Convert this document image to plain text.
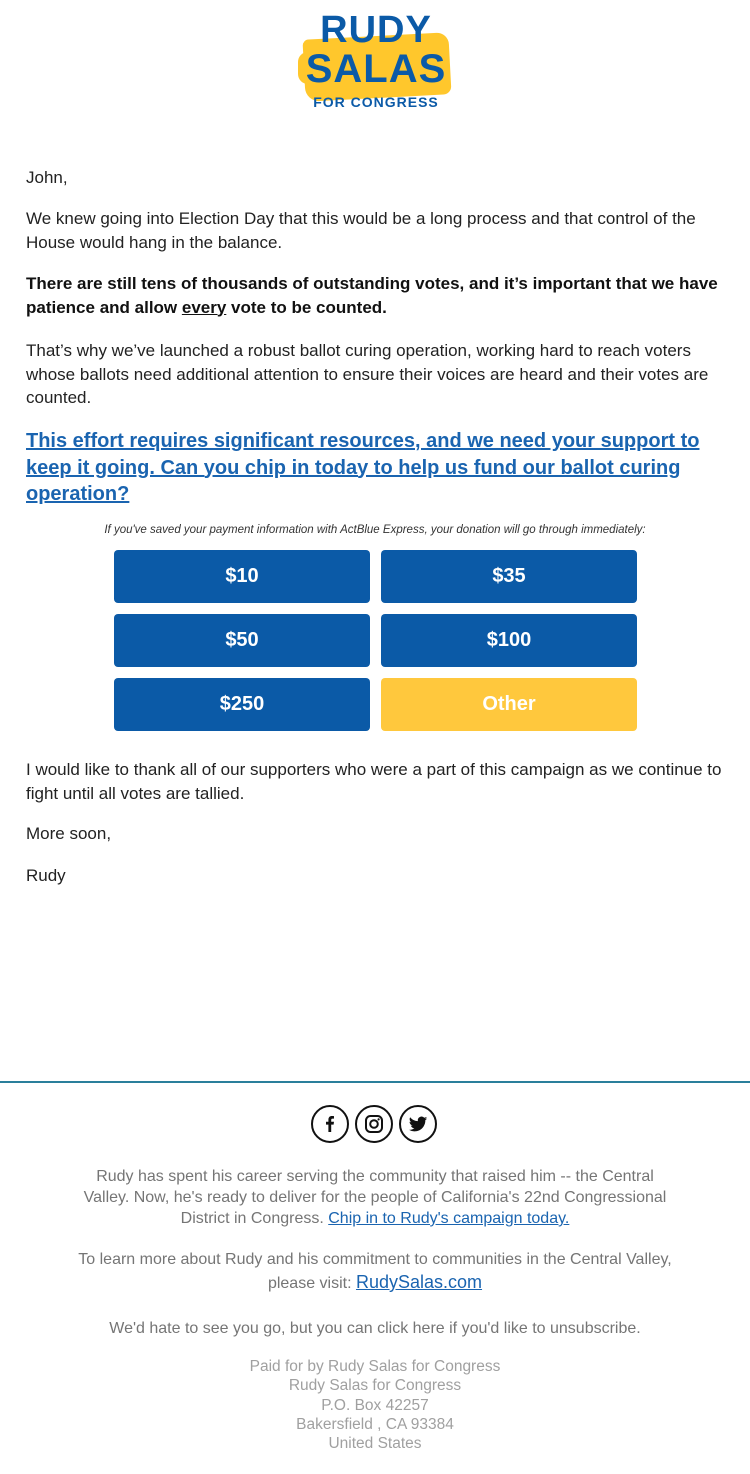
RUDY
SALAS
FOR CONGRESS

John,

We knew going into Election Day that this would be a long process and that control of the House would hang in the balance.

There are still tens of thousands of outstanding votes, and it’s important that we have patience and allow every vote to be counted.

That’s why we’ve launched a robust ballot curing operation, working hard to reach voters whose ballots need additional attention to ensure their voices are heard and their votes are counted.

This effort requires significant resources, and we need your support to keep it going. Can you chip in today to help us fund our ballot curing operation?

If you've saved your payment information with ActBlue Express, your donation will go through immediately:
$10	$35
$50	$100
$250	Other

I would like to thank all of our supporters who were a part of this campaign as we continue to fight until all votes are tallied.

More soon,

Rudy

Rudy has spent his career serving the community that raised him -- the Central Valley. Now, he's ready to deliver for the people of California's 22nd Congressional District in Congress. Chip in to Rudy's campaign today.

To learn more about Rudy and his commitment to communities in the Central Valley, please visit: RudySalas.com

We'd hate to see you go, but you can click here if you'd like to unsubscribe.

Paid for by Rudy Salas for Congress
Rudy Salas for Congress
P.O. Box 42257
Bakersfield , CA 93384
United States
